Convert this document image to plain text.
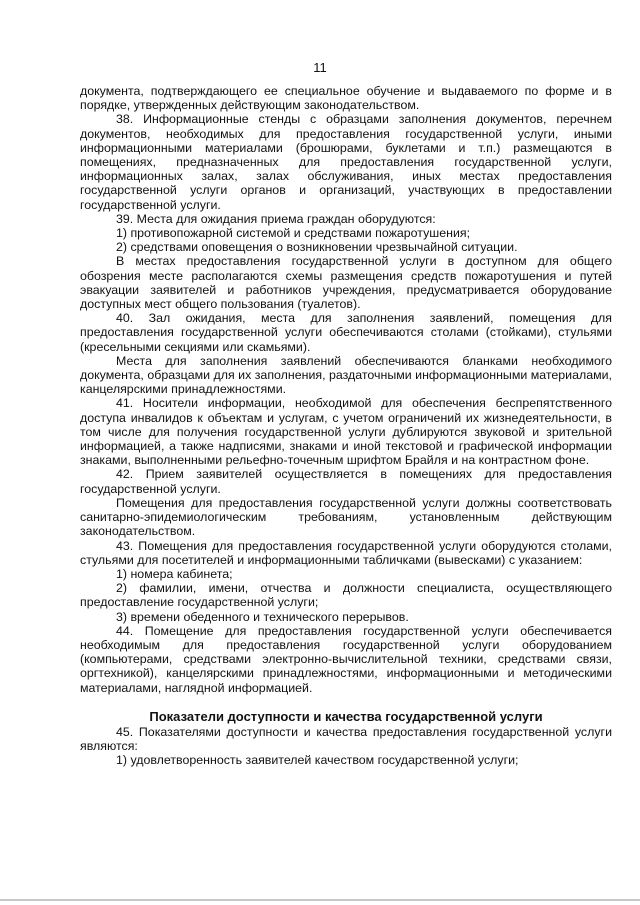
11

документа, подтверждающего ее специальное обучение и выдаваемого по форме и в порядке, утвержденных действующим законодательством.

38. Информационные стенды с образцами заполнения документов, перечнем документов, необходимых для предоставления государственной услуги, иными информационными материалами (брошюрами, буклетами и т.п.) размещаются в помещениях, предназначенных для предоставления государственной услуги, информационных залах, залах обслуживания, иных местах предоставления государственной услуги органов и организаций, участвующих в предоставлении государственной услуги.

39. Места для ожидания приема граждан оборудуются:

1) противопожарной системой и средствами пожаротушения;

2) средствами оповещения о возникновении чрезвычайной ситуации.

В местах предоставления государственной услуги в доступном для общего обозрения месте располагаются схемы размещения средств пожаротушения и путей эвакуации заявителей и работников учреждения, предусматривается оборудование доступных мест общего пользования (туалетов).

40. Зал ожидания, места для заполнения заявлений, помещения для предоставления государственной услуги обеспечиваются столами (стойками), стульями (кресельными секциями или скамьями).

Места для заполнения заявлений обеспечиваются бланками необходимого документа, образцами для их заполнения, раздаточными информационными материалами, канцелярскими принадлежностями.

41. Носители информации, необходимой для обеспечения беспрепятственного доступа инвалидов к объектам и услугам, с учетом ограничений их жизнедеятельности, в том числе для получения государственной услуги дублируются звуковой и зрительной информацией, а также надписями, знаками и иной текстовой и графической информации знаками, выполненными рельефно-точечным шрифтом Брайля и на контрастном фоне.

42. Прием заявителей осуществляется в помещениях для предоставления государственной услуги.

Помещения для предоставления государственной услуги должны соответствовать санитарно-эпидемиологическим требованиям, установленным действующим законодательством.

43. Помещения для предоставления государственной услуги оборудуются столами, стульями для посетителей и информационными табличками (вывесками) с указанием:

1) номера кабинета;

2) фамилии, имени, отчества и должности специалиста, осуществляющего предоставление государственной услуги;

3) времени обеденного и технического перерывов.

44. Помещение для предоставления государственной услуги обеспечивается необходимым для предоставления государственной услуги оборудованием (компьютерами, средствами электронно-вычислительной техники, средствами связи, оргтехникой), канцелярскими принадлежностями, информационными и методическими материалами, наглядной информацией.

Показатели доступности и качества государственной услуги

45. Показателями доступности и качества предоставления государственной услуги являются:

1) удовлетворенность заявителей качеством государственной услуги;
